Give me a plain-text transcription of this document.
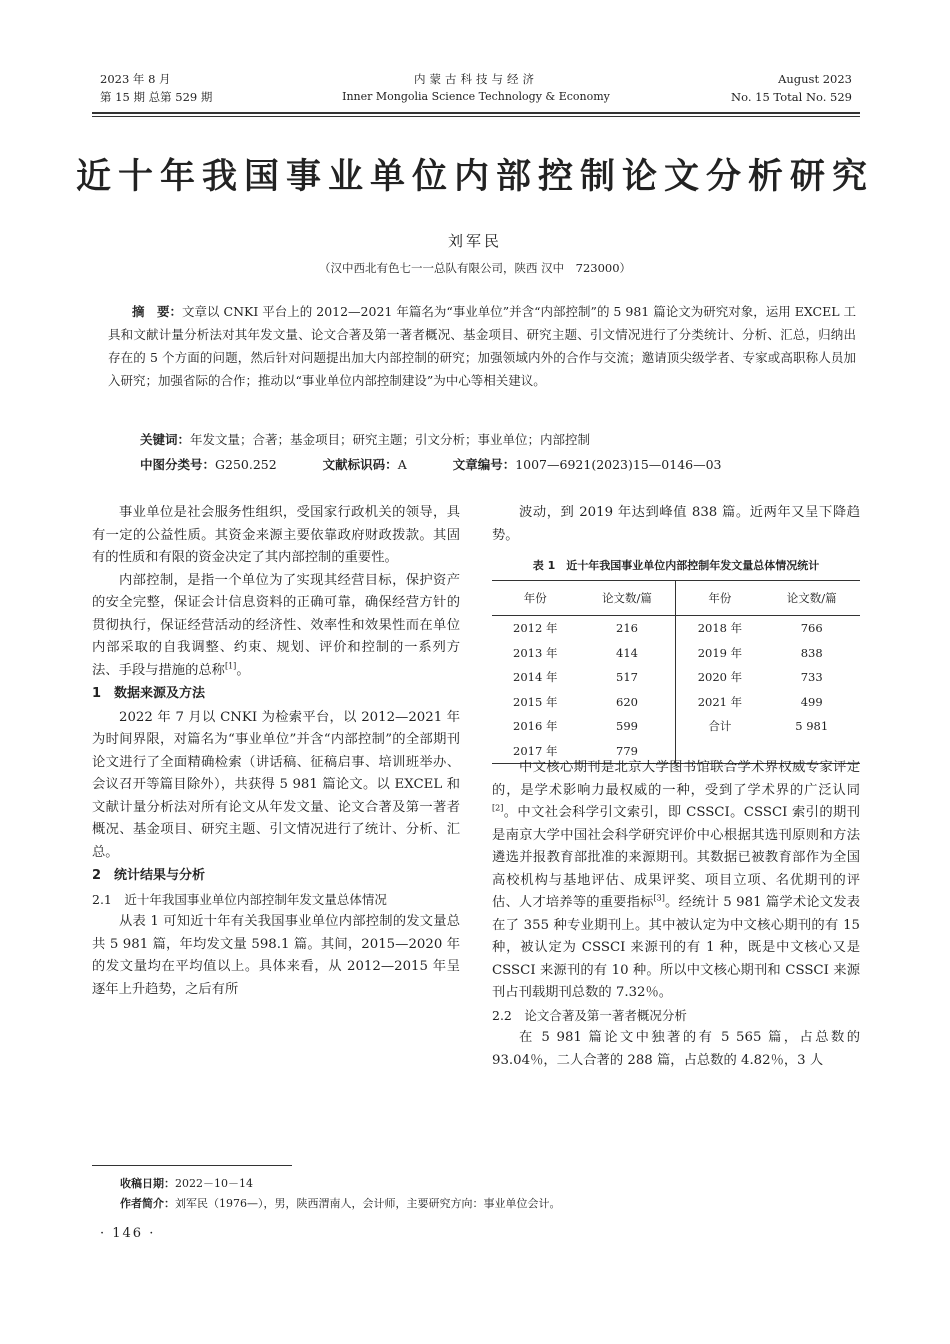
2023 年 8 月
第 15 期 总第 529 期
内蒙古科技与经济
Inner Mongolia Science Technology & Economy
August 2023
No. 15 Total No. 529
近十年我国事业单位内部控制论文分析研究
刘军民
（汉中西北有色七一一总队有限公司，陕西 汉中　723000）

摘　要：文章以 CNKI 平台上的 2012—2021 年篇名为“事业单位”并含“内部控制”的 5 981 篇论文为研究对象，运用 EXCEL 工具和文献计量分析法对其年发文量、论文合著及第一著者概况、基金项目、研究主题、引文情况进行了分类统计、分析、汇总，归纳出存在的 5 个方面的问题，然后针对问题提出加大内部控制的研究；加强领域内外的合作与交流；邀请顶尖级学者、专家或高职称人员加入研究；加强省际的合作；推动以“事业单位内部控制建设”为中心等相关建议。

关键词：年发文量；合著；基金项目；研究主题；引文分析；事业单位；内部控制
中图分类号：G250.252	文献标识码：A	文章编号：1007—6921(2023)15—0146—03

事业单位是社会服务性组织，受国家行政机关的领导，具有一定的公益性质。其资金来源主要依靠政府财政拨款。其固有的性质和有限的资金决定了其内部控制的重要性。

内部控制，是指一个单位为了实现其经营目标，保护资产的安全完整，保证会计信息资料的正确可靠，确保经营方针的贯彻执行，保证经营活动的经济性、效率性和效果性而在单位内部采取的自我调整、约束、规划、评价和控制的一系列方法、手段与措施的总称[1]。

1　数据来源及方法

2022 年 7 月以 CNKI 为检索平台，以 2012—2021 年为时间界限，对篇名为“事业单位”并含“内部控制”的全部期刊论文进行了全面精确检索（讲话稿、征稿启事、培训班举办、会议召开等篇目除外），共获得 5 981 篇论文。以 EXCEL 和文献计量分析法对所有论文从年发文量、论文合著及第一著者概况、基金项目、研究主题、引文情况进行了统计、分析、汇总。

2　统计结果与分析
2.1　近十年我国事业单位内部控制年发文量总体情况

从表 1 可知近十年有关我国事业单位内部控制的发文量总共 5 981 篇，年均发文量 598.1 篇。其间，2015—2020 年的发文量均在平均值以上。具体来看，从 2012—2015 年呈逐年上升趋势，之后有所

波动，到 2019 年达到峰值 838 篇。近两年又呈下降趋势。

表 1　近十年我国事业单位内部控制年发文量总体情况统计
年份	论文数/篇	年份	论文数/篇
2012 年	216	2018 年	766
2013 年	414	2019 年	838
2014 年	517	2020 年	733
2015 年	620	2021 年	499
2016 年	599	合计	5 981
2017 年	779		

中文核心期刊是北京大学图书馆联合学术界权威专家评定的，是学术影响力最权威的一种，受到了学术界的广泛认同[2]。中文社会科学引文索引，即 CSSCI。CSSCI 索引的期刊是南京大学中国社会科学研究评价中心根据其选刊原则和方法遴选并报教育部批准的来源期刊。其数据已被教育部作为全国高校机构与基地评估、成果评奖、项目立项、名优期刊的评估、人才培养等的重要指标[3]。经统计 5 981 篇学术论文发表在了 355 种专业期刊上。其中被认定为中文核心期刊的有 15 种，被认定为 CSSCI 来源刊的有 1 种，既是中文核心又是 CSSCI 来源刊的有 10 种。所以中文核心期刊和 CSSCI 来源刊占刊载期刊总数的 7.32％。

2.2　论文合著及第一著者概况分析

在 5 981 篇论文中独著的有 5 565 篇，占总数的 93.04％，二人合著的 288 篇，占总数的 4.82％，3 人

收稿日期：2022－10－14
作者简介：刘军民（1976—），男，陕西渭南人，会计师，主要研究方向：事业单位会计。
· 146 ·
